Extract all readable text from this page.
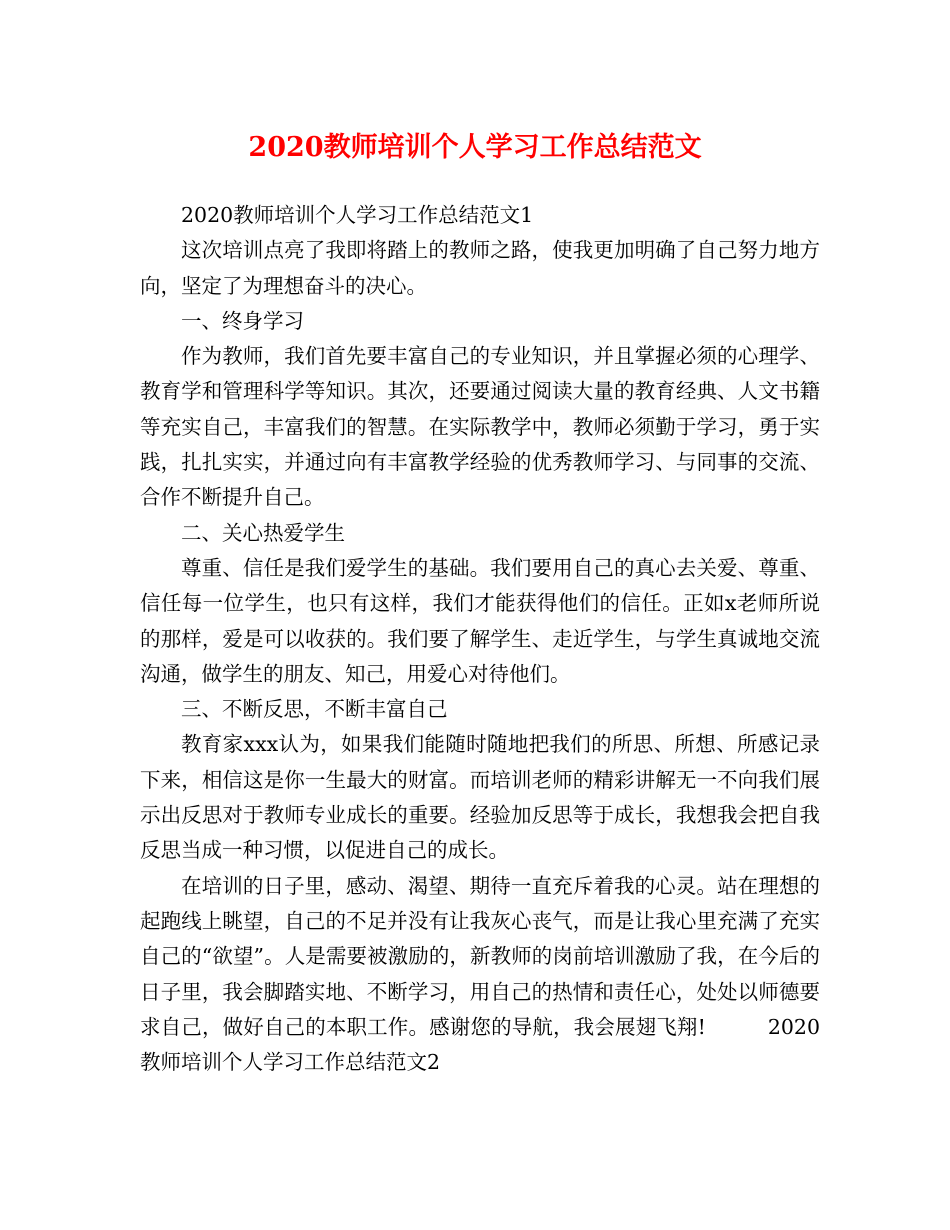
2020教师培训个人学习工作总结范文

2020教师培训个人学习工作总结范文1

这次培训点亮了我即将踏上的教师之路，使我更加明确了自己努力地方向，坚定了为理想奋斗的决心。

一、终身学习

作为教师，我们首先要丰富自己的专业知识，并且掌握必须的心理学、教育学和管理科学等知识。其次，还要通过阅读大量的教育经典、人文书籍等充实自己，丰富我们的智慧。在实际教学中，教师必须勤于学习，勇于实践，扎扎实实，并通过向有丰富教学经验的优秀教师学习、与同事的交流、合作不断提升自己。

二、关心热爱学生

尊重、信任是我们爱学生的基础。我们要用自己的真心去关爱、尊重、信任每一位学生，也只有这样，我们才能获得他们的信任。正如x老师所说的那样，爱是可以收获的。我们要了解学生、走近学生，与学生真诚地交流沟通，做学生的朋友、知己，用爱心对待他们。

三、不断反思，不断丰富自己

教育家xxx认为，如果我们能随时随地把我们的所思、所想、所感记录下来，相信这是你一生最大的财富。而培训老师的精彩讲解无一不向我们展示出反思对于教师专业成长的重要。经验加反思等于成长，我想我会把自我反思当成一种习惯，以促进自己的成长。

在培训的日子里，感动、渴望、期待一直充斥着我的心灵。站在理想的起跑线上眺望，自己的不足并没有让我灰心丧气，而是让我心里充满了充实自己的“欲望”。人是需要被激励的，新教师的岗前培训激励了我，在今后的日子里，我会脚踏实地、不断学习，用自己的热情和责任心，处处以师德要求自己，做好自己的本职工作。感谢您的导航，我会展翅飞翔!	2020教师培训个人学习工作总结范文2
